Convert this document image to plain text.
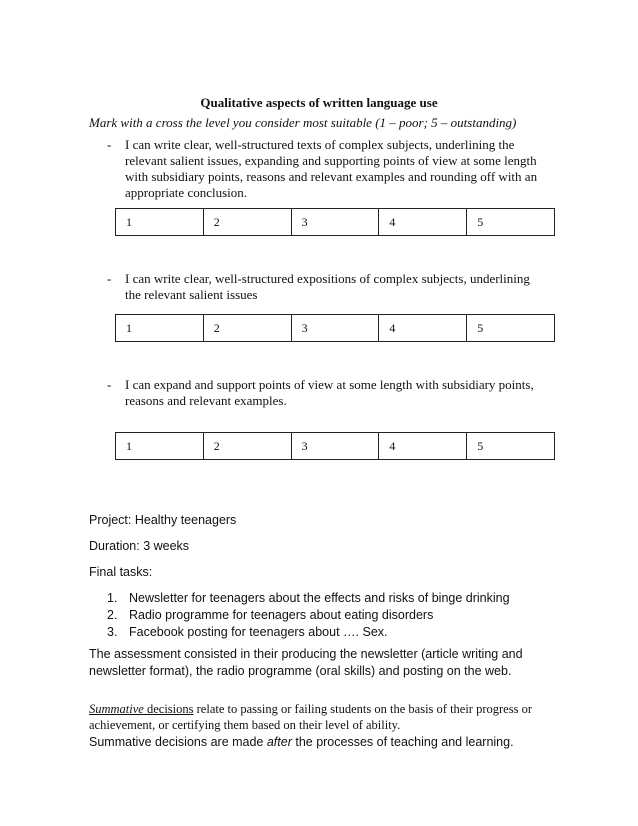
Qualitative aspects of written language use
Mark with a cross the level you consider most suitable (1 – poor; 5 – outstanding)
- I can write clear, well-structured texts of complex subjects, underlining the relevant salient issues, expanding and supporting points of view at some length with subsidiary points, reasons and relevant examples and rounding off with an appropriate conclusion.
1	2	3	4	5
- I can write clear, well-structured expositions of complex subjects, underlining the relevant salient issues
1	2	3	4	5
- I can expand and support points of view at some length with subsidiary points, reasons and relevant examples.
1	2	3	4	5
Project: Healthy teenagers
Duration: 3 weeks
Final tasks:
1. Newsletter for teenagers about the effects and risks of binge drinking
2. Radio programme for teenagers about eating disorders
3. Facebook posting for teenagers about …. Sex.
The assessment consisted in their producing the newsletter (article writing and newsletter format), the radio programme (oral skills) and posting on the web.
Summative decisions relate to passing or failing students on the basis of their progress or achievement, or certifying them based on their level of ability.
Summative decisions are made after the processes of teaching and learning.
